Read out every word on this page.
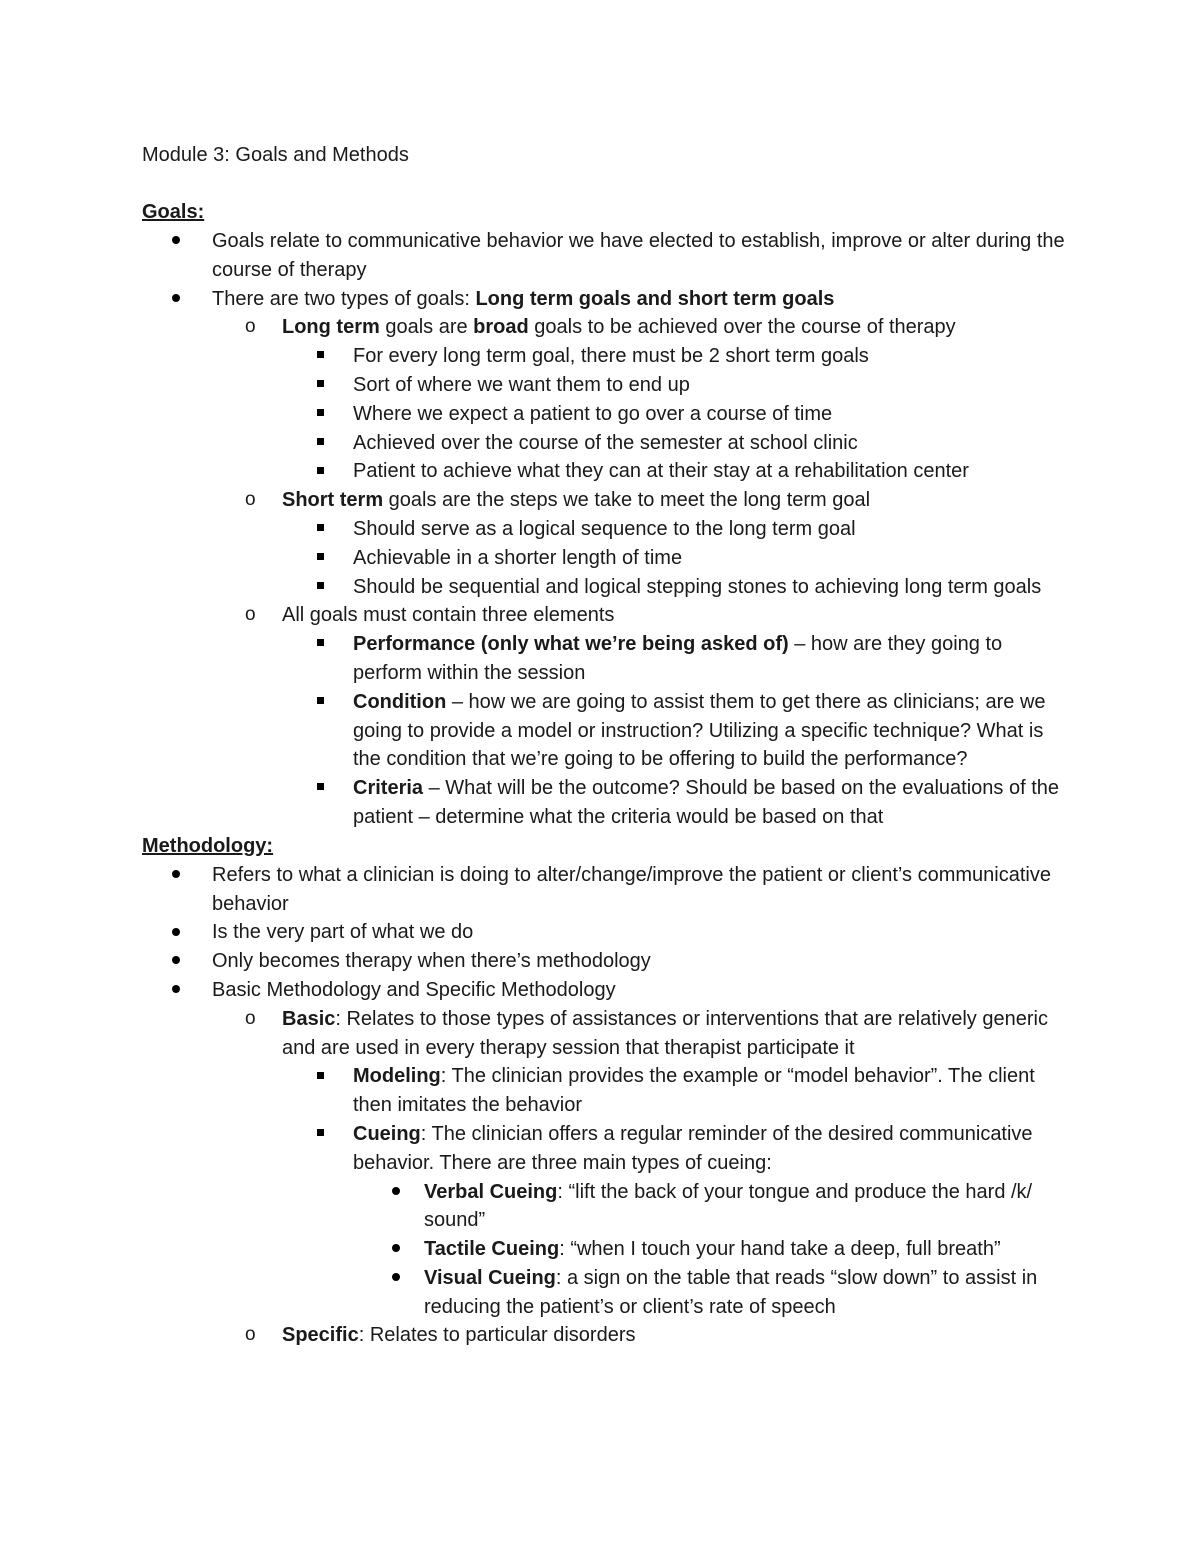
Module 3: Goals and Methods
Goals:
Goals relate to communicative behavior we have elected to establish, improve or alter during the course of therapy
There are two types of goals: Long term goals and short term goals
o Long term goals are broad goals to be achieved over the course of therapy
For every long term goal, there must be 2 short term goals
Sort of where we want them to end up
Where we expect a patient to go over a course of time
Achieved over the course of the semester at school clinic
Patient to achieve what they can at their stay at a rehabilitation center
o Short term goals are the steps we take to meet the long term goal
Should serve as a logical sequence to the long term goal
Achievable in a shorter length of time
Should be sequential and logical stepping stones to achieving long term goals
o All goals must contain three elements
Performance (only what we’re being asked of) – how are they going to perform within the session
Condition – how we are going to assist them to get there as clinicians; are we going to provide a model or instruction? Utilizing a specific technique? What is the condition that we’re going to be offering to build the performance?
Criteria – What will be the outcome? Should be based on the evaluations of the patient – determine what the criteria would be based on that
Methodology:
Refers to what a clinician is doing to alter/change/improve the patient or client’s communicative behavior
Is the very part of what we do
Only becomes therapy when there’s methodology
Basic Methodology and Specific Methodology
o Basic: Relates to those types of assistances or interventions that are relatively generic and are used in every therapy session that therapist participate it
Modeling: The clinician provides the example or “model behavior”. The client then imitates the behavior
Cueing: The clinician offers a regular reminder of the desired communicative behavior. There are three main types of cueing:
Verbal Cueing: “lift the back of your tongue and produce the hard /k/ sound”
Tactile Cueing: “when I touch your hand take a deep, full breath”
Visual Cueing: a sign on the table that reads “slow down” to assist in reducing the patient’s or client’s rate of speech
o Specific: Relates to particular disorders
